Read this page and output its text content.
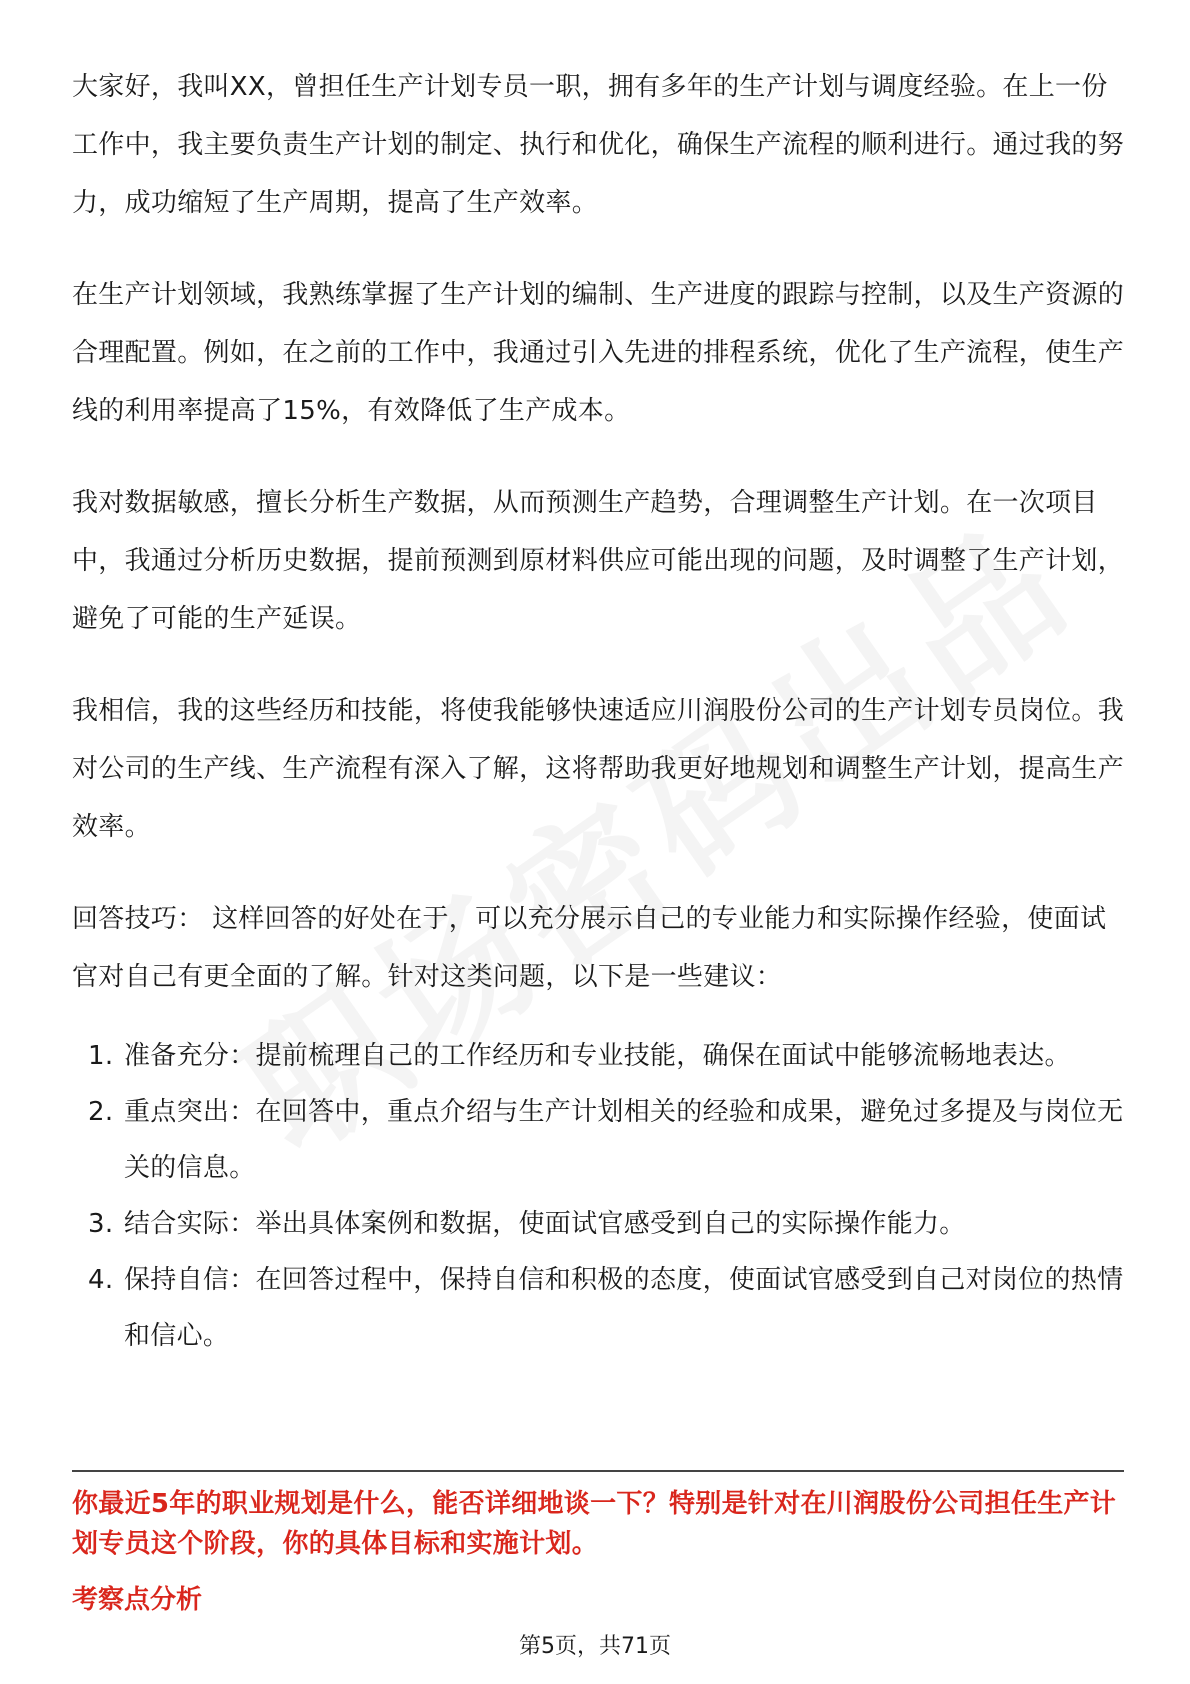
大家好，我叫XX，曾担任生产计划专员一职，拥有多年的生产计划与调度经验。在上一份工作中，我主要负责生产计划的制定、执行和优化，确保生产流程的顺利进行。通过我的努力，成功缩短了生产周期，提高了生产效率。

在生产计划领域，我熟练掌握了生产计划的编制、生产进度的跟踪与控制，以及生产资源的合理配置。例如，在之前的工作中，我通过引入先进的排程系统，优化了生产流程，使生产线的利用率提高了15%，有效降低了生产成本。

我对数据敏感，擅长分析生产数据，从而预测生产趋势，合理调整生产计划。在一次项目中，我通过分析历史数据，提前预测到原材料供应可能出现的问题，及时调整了生产计划，避免了可能的生产延误。

我相信，我的这些经历和技能，将使我能够快速适应川润股份公司的生产计划专员岗位。我对公司的生产线、生产流程有深入了解，这将帮助我更好地规划和调整生产计划，提高生产效率。

回答技巧： 这样回答的好处在于，可以充分展示自己的专业能力和实际操作经验，使面试官对自己有更全面的了解。针对这类问题，以下是一些建议：

1. 准备充分：提前梳理自己的工作经历和专业技能，确保在面试中能够流畅地表达。
2. 重点突出：在回答中，重点介绍与生产计划相关的经验和成果，避免过多提及与岗位无关的信息。
3. 结合实际：举出具体案例和数据，使面试官感受到自己的实际操作能力。
4. 保持自信：在回答过程中，保持自信和积极的态度，使面试官感受到自己对岗位的热情和信心。
你最近5年的职业规划是什么，能否详细地谈一下？特别是针对在川润股份公司担任生产计划专员这个阶段，你的具体目标和实施计划。
考察点分析
第5页，共71页
